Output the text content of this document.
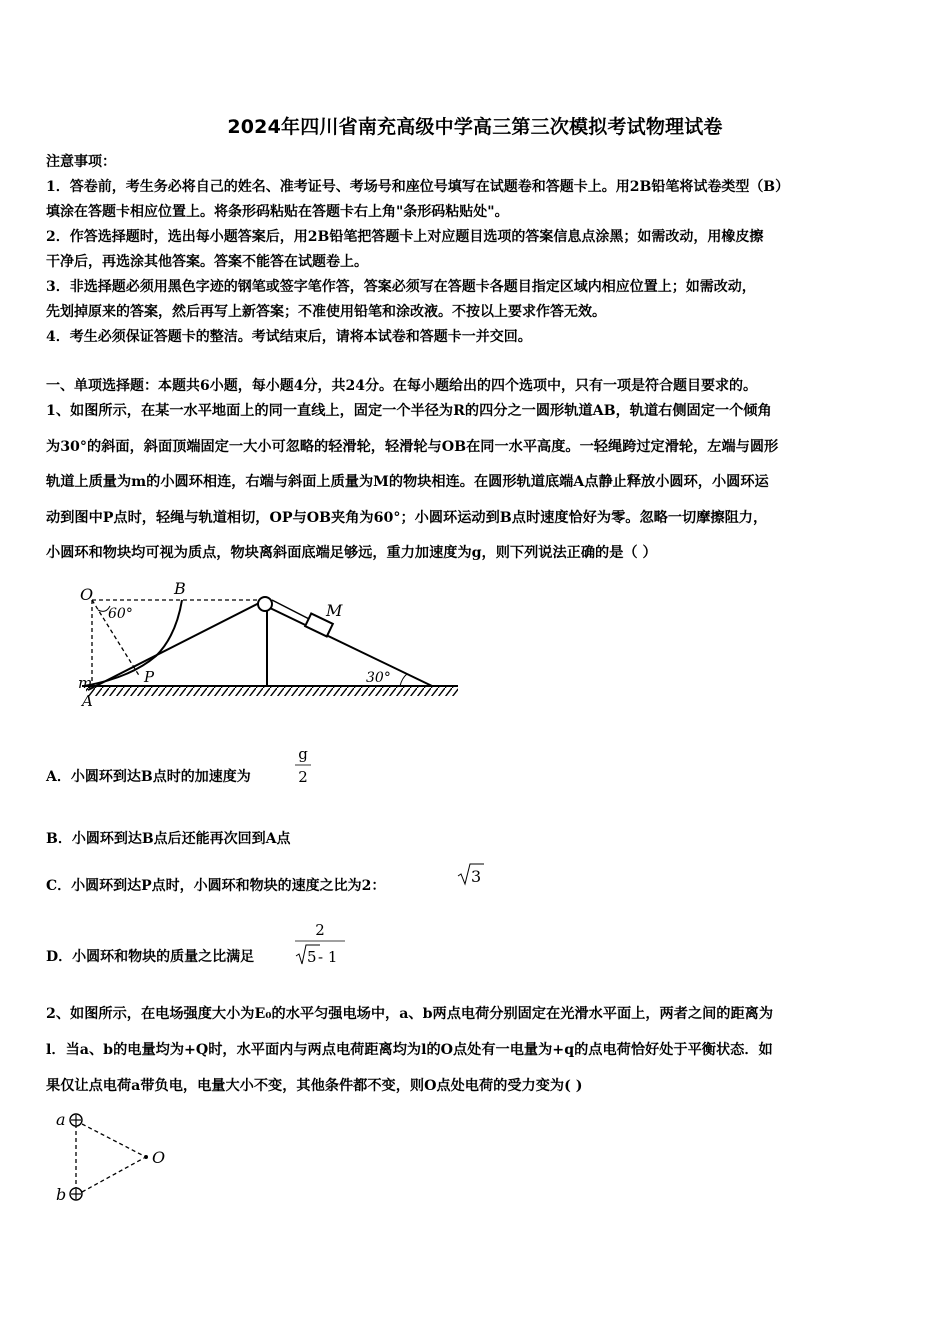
2024年四川省南充高级中学高三第三次模拟考试物理试卷
注意事项：
1．答卷前，考生务必将自己的姓名、准考证号、考场号和座位号填写在试题卷和答题卡上。用2B铅笔将试卷类型（B）
填涂在答题卡相应位置上。将条形码粘贴在答题卡右上角"条形码粘贴处"。
2．作答选择题时，选出每小题答案后，用2B铅笔把答题卡上对应题目选项的答案信息点涂黑；如需改动，用橡皮擦
干净后，再选涂其他答案。答案不能答在试题卷上。
3．非选择题必须用黑色字迹的钢笔或签字笔作答，答案必须写在答题卡各题目指定区域内相应位置上；如需改动，
先划掉原来的答案，然后再写上新答案；不准使用铅笔和涂改液。不按以上要求作答无效。
4．考生必须保证答题卡的整洁。考试结束后，请将本试卷和答题卡一并交回。
一、单项选择题：本题共6小题，每小题4分，共24分。在每小题给出的四个选项中，只有一项是符合题目要求的。
1、如图所示，在某一水平地面上的同一直线上，固定一个半径为R的四分之一圆形轨道AB，轨道右侧固定一个倾角
为30°的斜面，斜面顶端固定一大小可忽略的轻滑轮，轻滑轮与OB在同一水平高度。一轻绳跨过定滑轮，左端与圆形
轨道上质量为m的小圆环相连，右端与斜面上质量为M的物块相连。在圆形轨道底端A点静止释放小圆环，小圆环运
动到图中P点时，轻绳与轨道相切，OP与OB夹角为60°；小圆环运动到B点时速度恰好为零。忽略一切摩擦阻力，
小圆环和物块均可视为质点，物块离斜面底端足够远，重力加速度为g，则下列说法正确的是（ ）
O	B
60°	M
m	P
A
30°
A．小圆环到达B点时的加速度为
g
2
B．小圆环到达B点后还能再次回到A点
C．小圆环到达P点时，小圆环和物块的速度之比为2：	3
D．小圆环和物块的质量之比满足
2
5 - 1
2、如图所示，在电场强度大小为E₀的水平匀强电场中，a、b两点电荷分别固定在光滑水平面上，两者之间的距离为
l．当a、b的电量均为+Q时，水平面内与两点电荷距离均为l的O点处有一电量为+q的点电荷恰好处于平衡状态．如
果仅让点电荷a带负电，电量大小不变，其他条件都不变，则O点处电荷的受力变为( )
a
b
O
